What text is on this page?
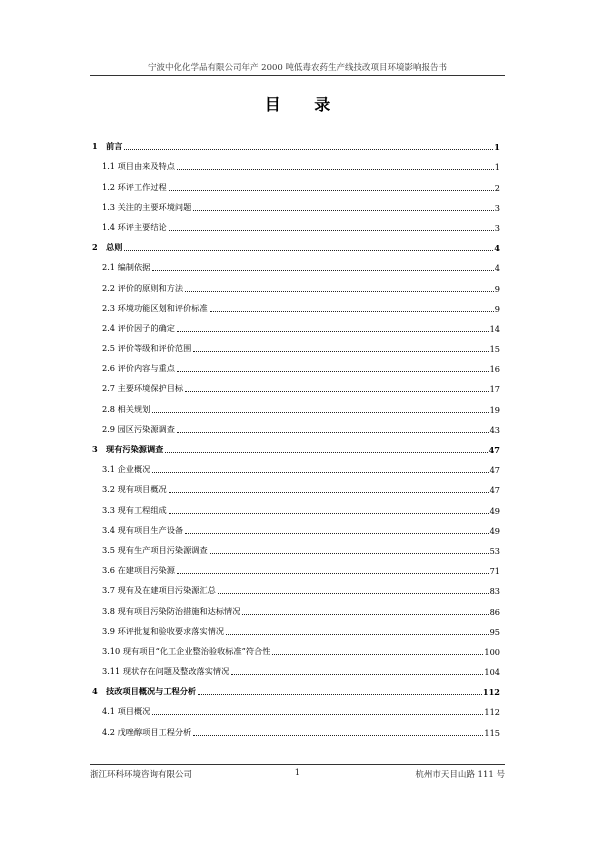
宁波中化化学品有限公司年产 2000 吨低毒农药生产线技改项目环境影响报告书
目 录
1 前言	1
1.1 项目由来及特点	1
1.2 环评工作过程	2
1.3 关注的主要环境问题	3
1.4 环评主要结论	3
2 总则	4
2.1 编制依据	4
2.2 评价的原则和方法	9
2.3 环境功能区划和评价标准	9
2.4 评价因子的确定	14
2.5 评价等级和评价范围	15
2.6 评价内容与重点	16
2.7 主要环境保护目标	17
2.8 相关规划	19
2.9 园区污染源调查	43
3 现有污染源调查	47
3.1 企业概况	47
3.2 现有项目概况	47
3.3 现有工程组成	49
3.4 现有项目生产设备	49
3.5 现有生产项目污染源调查	53
3.6 在建项目污染源	71
3.7 现有及在建项目污染源汇总	83
3.8 现有项目污染防治措施和达标情况	86
3.9 环评批复和验收要求落实情况	95
3.10 现有项目“化工企业整治验收标准”符合性	100
3.11 现状存在问题及整改落实情况	104
4 技改项目概况与工程分析	112
4.1 项目概况	112
4.2 戊唑醇项目工程分析	115
浙江环科环境咨询有限公司	1	杭州市天目山路 111 号
